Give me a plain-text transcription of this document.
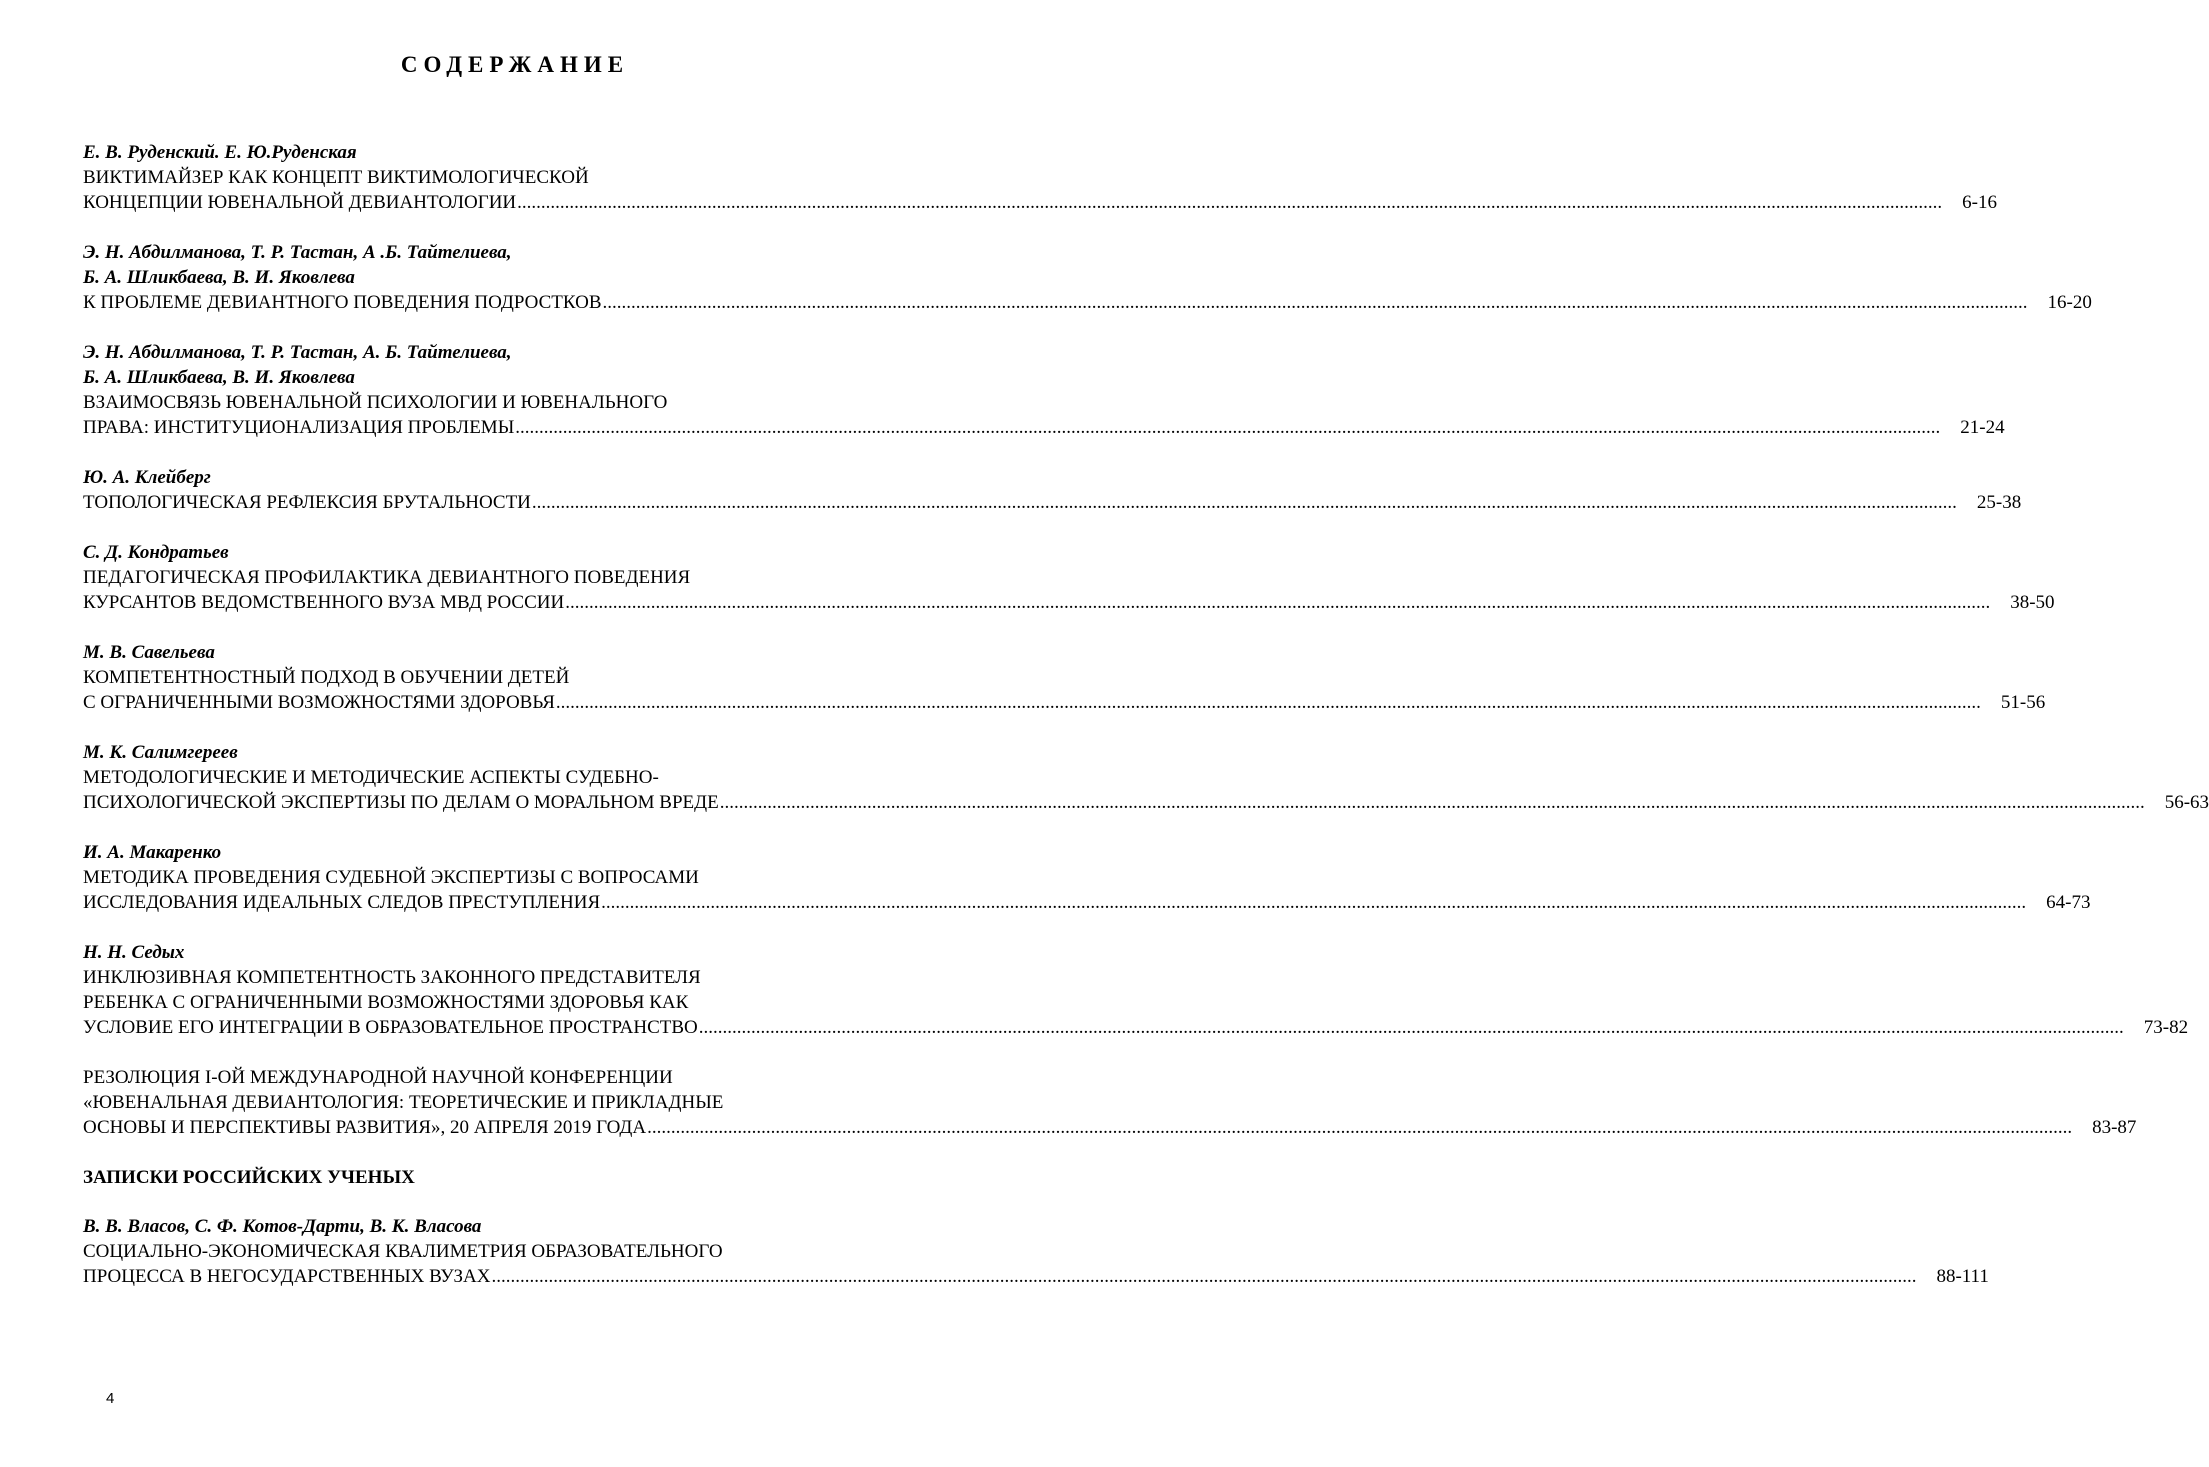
СОДЕРЖАНИЕ
Е. В. Руденский. Е. Ю.Руденская
ВИКТИМАЙЗЕР КАК КОНЦЕПТ ВИКТИМОЛОГИЧЕСКОЙ
КОНЦЕПЦИИ ЮВЕНАЛЬНОЙ ДЕВИАНТОЛОГИИ ............................................................................................................................................................................................................................................................................................................ 6-16
Э. Н. Абдилманова, Т. Р. Тастан, А .Б. Тайтелиева,
Б. А. Шликбаева, В. И. Яковлева
К ПРОБЛЕМЕ ДЕВИАНТНОГО ПОВЕДЕНИЯ ПОДРОСТКОВ ............................................................................................................................................................................................................................................................................................................ 16-20
Э. Н. Абдилманова, Т. Р. Тастан, А. Б. Тайтелиева,
Б. А. Шликбаева, В. И. Яковлева
ВЗАИМОСВЯЗЬ ЮВЕНАЛЬНОЙ ПСИХОЛОГИИ И ЮВЕНАЛЬНОГО
ПРАВА: ИНСТИТУЦИОНАЛИЗАЦИЯ ПРОБЛЕМЫ ............................................................................................................................................................................................................................................................................................................ 21-24
Ю. А. Клейберг
ТОПОЛОГИЧЕСКАЯ РЕФЛЕКСИЯ БРУТАЛЬНОСТИ ............................................................................................................................................................................................................................................................................................................ 25-38
С. Д. Кондратьев
ПЕДАГОГИЧЕСКАЯ ПРОФИЛАКТИКА ДЕВИАНТНОГО ПОВЕДЕНИЯ
КУРСАНТОВ ВЕДОМСТВЕННОГО ВУЗА МВД РОССИИ ............................................................................................................................................................................................................................................................................................................ 38-50
М. В. Савельева
КОМПЕТЕНТНОСТНЫЙ ПОДХОД В ОБУЧЕНИИ ДЕТЕЙ
С ОГРАНИЧЕННЫМИ ВОЗМОЖНОСТЯМИ ЗДОРОВЬЯ ............................................................................................................................................................................................................................................................................................................ 51-56
М. К. Салимгереев
МЕТОДОЛОГИЧЕСКИЕ И МЕТОДИЧЕСКИЕ АСПЕКТЫ СУДЕБНО-
ПСИХОЛОГИЧЕСКОЙ ЭКСПЕРТИЗЫ ПО ДЕЛАМ О МОРАЛЬНОМ ВРЕДЕ ............................................................................................................................................................................................................................................................................................................ 56-63
И. А. Макаренко
МЕТОДИКА ПРОВЕДЕНИЯ СУДЕБНОЙ ЭКСПЕРТИЗЫ С ВОПРОСАМИ
ИССЛЕДОВАНИЯ ИДЕАЛЬНЫХ СЛЕДОВ ПРЕСТУПЛЕНИЯ ............................................................................................................................................................................................................................................................................................................ 64-73
Н. Н. Седых
ИНКЛЮЗИВНАЯ КОМПЕТЕНТНОСТЬ ЗАКОННОГО ПРЕДСТАВИТЕЛЯ
РЕБЕНКА С ОГРАНИЧЕННЫМИ ВОЗМОЖНОСТЯМИ ЗДОРОВЬЯ КАК
УСЛОВИЕ ЕГО ИНТЕГРАЦИИ В ОБРАЗОВАТЕЛЬНОЕ ПРОСТРАНСТВО ............................................................................................................................................................................................................................................................................................................ 73-82
РЕЗОЛЮЦИЯ I-ОЙ МЕЖДУНАРОДНОЙ НАУЧНОЙ КОНФЕРЕНЦИИ
«ЮВЕНАЛЬНАЯ ДЕВИАНТОЛОГИЯ: ТЕОРЕТИЧЕСКИЕ И ПРИКЛАДНЫЕ
ОСНОВЫ И ПЕРСПЕКТИВЫ РАЗВИТИЯ», 20 АПРЕЛЯ 2019 ГОДА ............................................................................................................................................................................................................................................................................................................ 83-87
ЗАПИСКИ РОССИЙСКИХ УЧЕНЫХ
В. В. Власов, С. Ф. Котов-Дарти, В. К. Власова
СОЦИАЛЬНО-ЭКОНОМИЧЕСКАЯ КВАЛИМЕТРИЯ ОБРАЗОВАТЕЛЬНОГО
ПРОЦЕССА В НЕГОСУДАРСТВЕННЫХ ВУЗАХ ............................................................................................................................................................................................................................................................................................................ 88-111
4
